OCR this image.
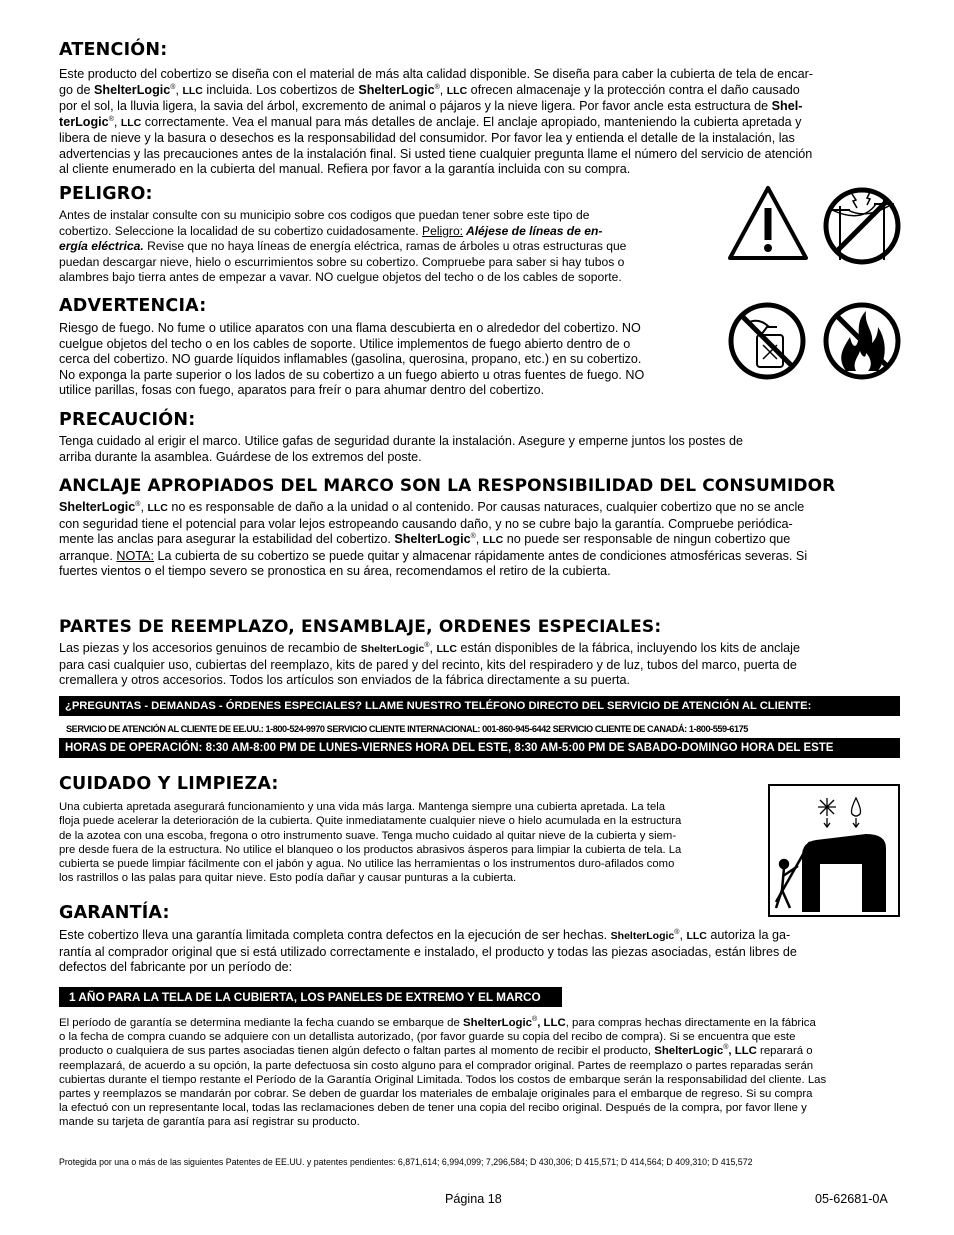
ATENCIÓN:
Este producto del cobertizo se diseña con el material de más alta calidad disponible. Se diseña para caber la cubierta de tela de encar-
go de ShelterLogic®, LLC incluida. Los cobertizos de ShelterLogic®, LLC ofrecen almacenaje y la protección contra el daño causado
por el sol, la lluvia ligera, la savia del árbol, excremento de animal o pájaros y la nieve ligera. Por favor ancle esta estructura de Shel-
terLogic®, LLC correctamente. Vea el manual para más detalles de anclaje. El anclaje apropiado, manteniendo la cubierta apretada y
libera de nieve y la basura o desechos es la responsabilidad del consumidor. Por favor lea y entienda el detalle de la instalación, las
advertencias y las precauciones antes de la instalación final. Si usted tiene cualquier pregunta llame el número del servicio de atención
al cliente enumerado en la cubierta del manual. Refiera por favor a la garantía incluida con su compra.
PELIGRO:
Antes de instalar consulte con su municipio sobre cos codigos que puedan tener sobre este tipo de
cobertizo. Seleccione la localidad de su cobertizo cuidadosamente. Peligro: Aléjese de líneas de en-
ergía eléctrica. Revise que no haya líneas de energía eléctrica, ramas de árboles u otras estructuras que
puedan descargar nieve, hielo o escurrimientos sobre su cobertizo. Compruebe para saber si hay tubos o
alambres bajo tierra antes de empezar a vavar. NO cuelgue objetos del techo o de los cables de soporte.
ADVERTENCIA:
Riesgo de fuego. No fume o utilice aparatos con una flama descubierta en o alrededor del cobertizo. NO
cuelgue objetos del techo o en los cables de soporte. Utilice implementos de fuego abierto dentro de o
cerca del cobertizo. NO guarde líquidos inflamables (gasolina, querosina, propano, etc.) en su cobertizo.
No exponga la parte superior o los lados de su cobertizo a un fuego abierto u otras fuentes de fuego. NO
utilice parillas, fosas con fuego, aparatos para freír o para ahumar dentro del cobertizo.
PRECAUCIÓN:
Tenga cuidado al erigir el marco. Utilice gafas de seguridad durante la instalación. Asegure y emperne juntos los postes de
arriba durante la asamblea. Guárdese de los extremos del poste.
ANCLAJE APROPIADOS DEL MARCO SON LA RESPONSIBILIDAD DEL CONSUMIDOR
ShelterLogic®, LLC no es responsable de daño a la unidad o al contenido. Por causas naturaces, cualquier cobertizo que no se ancle
con seguridad tiene el potencial para volar lejos estropeando causando daño, y no se cubre bajo la garantía. Compruebe periódica-
mente las anclas para asegurar la estabilidad del cobertizo. ShelterLogic®, LLC no puede ser responsable de ningun cobertizo que
arranque. NOTA: La cubierta de su cobertizo se puede quitar y almacenar rápidamente antes de condiciones atmosféricas severas. Si
fuertes vientos o el tiempo severo se pronostica en su área, recomendamos el retiro de la cubierta.
PARTES DE REEMPLAZO, ENSAMBLAJE, ORDENES ESPECIALES:
Las piezas y los accesorios genuinos de recambio de ShelterLogic®, LLC están disponibles de la fábrica, incluyendo los kits de anclaje
para casi cualquier uso, cubiertas del reemplazo, kits de pared y del recinto, kits del respiradero y de luz, tubos del marco, puerta de
cremallera y otros accesorios. Todos los artículos son enviados de la fábrica directamente a su puerta.
¿PREGUNTAS - DEMANDAS - ÓRDENES ESPECIALES? LLAME NUESTRO TELÉFONO DIRECTO DEL SERVICIO DE ATENCIÓN AL CLIENTE:
SERVICIO DE ATENCIÓN AL CLIENTE DE EE.UU.: 1-800-524-9970 SERVICIO CLIENTE INTERNACIONAL: 001-860-945-6442 SERVICIO CLIENTE DE CANADÁ: 1-800-559-6175
HORAS DE OPERACIÓN: 8:30 AM-8:00 PM DE LUNES-VIERNES HORA DEL ESTE, 8:30 AM-5:00 PM DE SABADO-DOMINGO HORA DEL ESTE
CUIDADO Y LIMPIEZA:
Una cubierta apretada asegurará funcionamiento y una vida más larga. Mantenga siempre una cubierta apretada. La tela
floja puede acelerar la deterioración de la cubierta. Quite inmediatamente cualquier nieve o hielo acumulada en la estructura
de la azotea con una escoba, fregona o otro instrumento suave. Tenga mucho cuidado al quitar nieve de la cubierta y siem-
pre desde fuera de la estructura. No utilice el blanqueo o los productos abrasivos ásperos para limpiar la cubierta de tela. La
cubierta se puede limpiar fácilmente con el jabón y agua. No utilice las herramientas o los instrumentos duro-afilados como
los rastrillos o las palas para quitar nieve. Esto podía dañar y causar punturas a la cubierta.
GARANTÍA:
Este cobertizo lleva una garantía limitada completa contra defectos en la ejecución de ser hechas. ShelterLogic®, LLC autoriza la ga-
rantía al comprador original que si está utilizado correctamente e instalado, el producto y todas las piezas asociadas, están libres de
defectos del fabricante por un período de:
1 AÑO PARA LA TELA DE LA CUBIERTA, LOS PANELES DE EXTREMO Y EL MARCO
El período de garantía se determina mediante la fecha cuando se embarque de ShelterLogic®, LLC, para compras hechas directamente en la fábrica
o la fecha de compra cuando se adquiere con un detallista autorizado, (por favor guarde su copia del recibo de compra). Si se encuentra que este
producto o cualquiera de sus partes asociadas tienen algún defecto o faltan partes al momento de recibir el producto, ShelterLogic®, LLC reparará o
reemplazará, de acuerdo a su opción, la parte defectuosa sin costo alguno para el comprador original. Partes de reemplazo o partes reparadas serán
cubiertas durante el tiempo restante el Período de la Garantía Original Limitada. Todos los costos de embarque serán la responsabilidad del cliente. Las
partes y reemplazos se mandarán por cobrar. Se deben de guardar los materiales de embalaje originales para el embarque de regreso. Si su compra
la efectuó con un representante local, todas las reclamaciones deben de tener una copia del recibo original. Después de la compra, por favor llene y
mande su tarjeta de garantía para así registrar su producto.
Protegida por una o más de las siguientes Patentes de EE.UU. y patentes pendientes: 6,871,614; 6,994,099; 7,296,584; D 430,306; D 415,571; D 414,564; D 409,310; D 415,572
Página 18	05-62681-0A
